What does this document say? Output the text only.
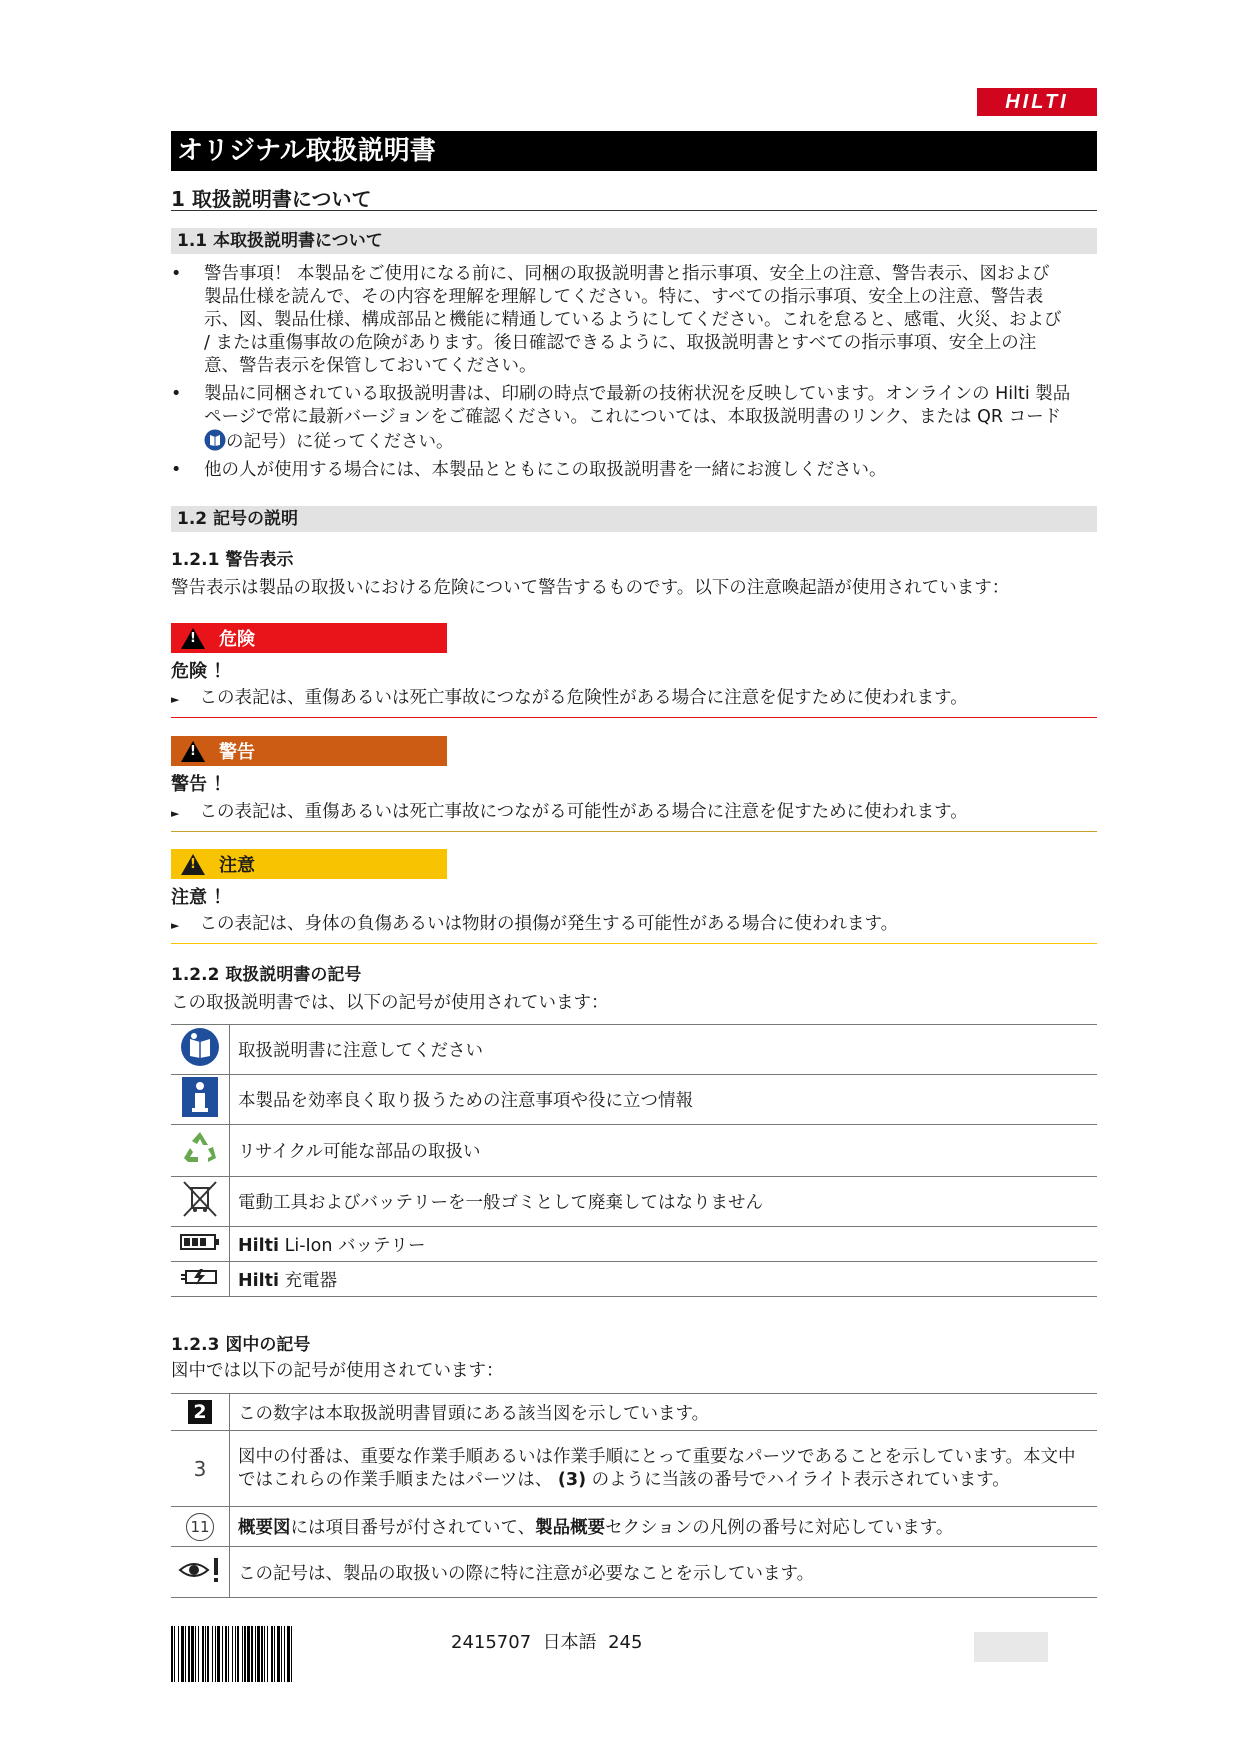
HILTI
オリジナル取扱説明書
1 取扱説明書について
1.1 本取扱説明書について
• 警告事項！ 本製品をご使用になる前に、同梱の取扱説明書と指示事項、安全上の注意、警告表示、図および製品仕様を読んで、その内容を理解を理解してください。特に、すべての指示事項、安全上の注意、警告表示、図、製品仕様、構成部品と機能に精通しているようにしてください。これを怠ると、感電、火災、および / または重傷事故の危険があります。後日確認できるように、取扱説明書とすべての指示事項、安全上の注意、警告表示を保管しておいてください。
• 製品に同梱されている取扱説明書は、印刷の時点で最新の技術状況を反映しています。オンラインの Hilti 製品ページで常に最新バージョンをご確認ください。これについては、本取扱説明書のリンク、または QR コード
の記号）に従ってください。
• 他の人が使用する場合には、本製品とともにこの取扱説明書を一緒にお渡しください。
1.2 記号の説明
1.2.1 警告表示
警告表示は製品の取扱いにおける危険について警告するものです。以下の注意喚起語が使用されています：
!
危険
危険 ！
► この表記は、重傷あるいは死亡事故につながる危険性がある場合に注意を促すために使われます。
!
警告
警告 ！
► この表記は、重傷あるいは死亡事故につながる可能性がある場合に注意を促すために使われます。
!
注意
注意 ！
► この表記は、身体の負傷あるいは物財の損傷が発生する可能性がある場合に使われます。
1.2.2 取扱説明書の記号
この取扱説明書では、以下の記号が使用されています：
	取扱説明書に注意してください

	本製品を効率良く取り扱うための注意事項や役に立つ情報

	リサイクル可能な部品の取扱い

	電動工具およびバッテリーを一般ゴミとして廃棄してはなりません

	Hilti Li-Ion バッテリー

	Hilti 充電器
1.2.3 図中の記号
図中では以下の記号が使用されています：
2	この数字は本取扱説明書冒頭にある該当図を示しています。

3	図中の付番は、重要な作業手順あるいは作業手順にとって重要なパーツであることを示しています。本文中ではこれらの作業手順またはパーツは、 (3) のように当該の番号でハイライト表示されています。

11	概要図には項目番号が付されていて、製品概要セクションの凡例の番号に対応しています。

	この記号は、製品の取扱いの際に特に注意が必要なことを示しています。
2415707 日本語 245
